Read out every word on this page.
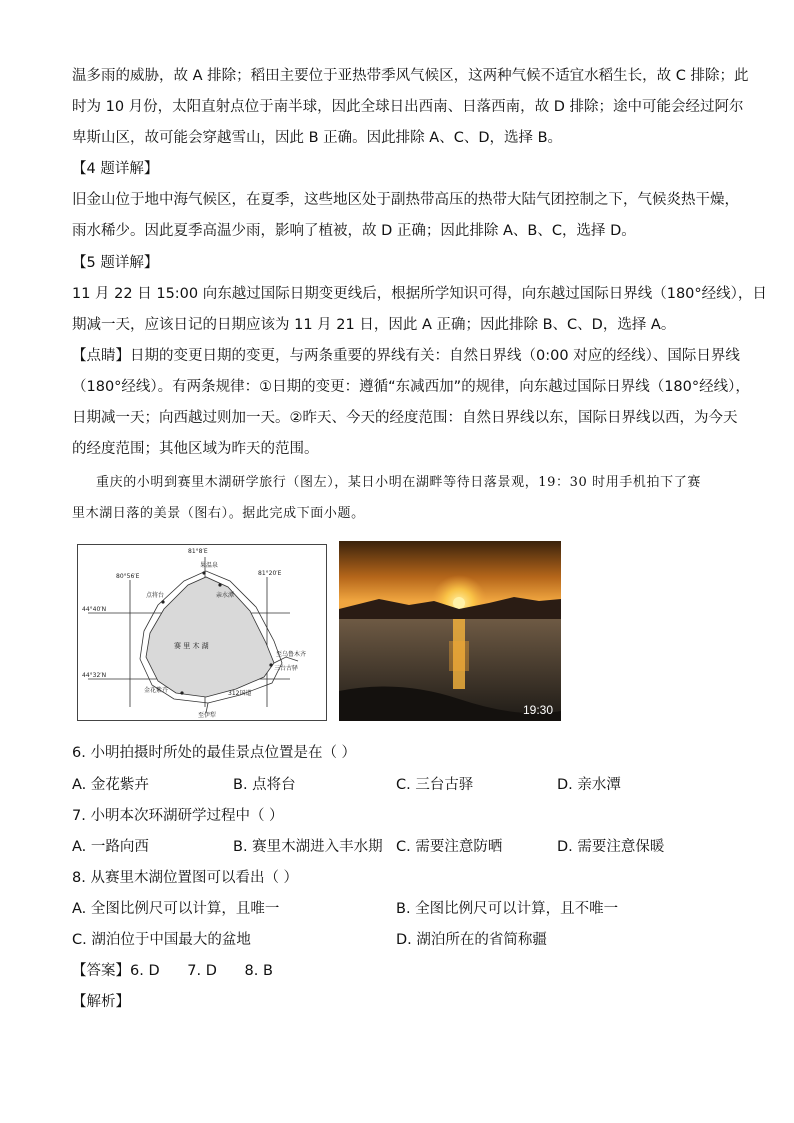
温多雨的威胁，故 A 排除；稻田主要位于亚热带季风气候区，这两种气候不适宜水稻生长，故 C 排除；此
时为 10 月份，太阳直射点位于南半球，因此全球日出西南、日落西南，故 D 排除；途中可能会经过阿尔
卑斯山区，故可能会穿越雪山，因此 B 正确。因此排除 A、C、D，选择 B。
【4 题详解】
旧金山位于地中海气候区，在夏季，这些地区处于副热带高压的热带大陆气团控制之下，气候炎热干燥，
雨水稀少。因此夏季高温少雨，影响了植被，故 D 正确；因此排除 A、B、C，选择 D。
【5 题详解】
11 月 22 日 15:00 向东越过国际日期变更线后，根据所学知识可得，向东越过国际日界线（180°经线），日
期减一天，应该日记的日期应该为 11 月 21 日，因此 A 正确；因此排除 B、C、D，选择 A。
【点睛】日期的变更日期的变更，与两条重要的界线有关：自然日界线（0:00 对应的经线）、国际日界线
（180°经线）。有两条规律：①日期的变更：遵循“东减西加”的规律，向东越过国际日界线（180°经线），
日期减一天；向西越过则加一天。②昨天、今天的经度范围：自然日界线以东，国际日界线以西，为今天
的经度范围；其他区域为昨天的范围。
重庆的小明到赛里木湖研学旅行（图左），某日小明在湖畔等待日落景观，19：30 时用手机拍下了赛
里木湖日落的美景（图右）。据此完成下面小题。
81°8′E
80°56′E	81°20′E
44°40′N
44°32′N
果温泉
点将台	亲水潭
赛 里 木 湖
至乌鲁木齐
三台古驿
金花紫卉	312国道
至伊犁	19:30
6. 小明拍摄时所处的最佳景点位置是在（ ）
A. 金花紫卉	B. 点将台	C. 三台古驿	D. 亲水潭
7. 小明本次环湖研学过程中（ ）
A. 一路向西	B. 赛里木湖进入丰水期 C. 需要注意防晒	D. 需要注意保暖
8. 从赛里木湖位置图可以看出（ ）
A. 全图比例尺可以计算，且唯一	B. 全图比例尺可以计算，且不唯一
C. 湖泊位于中国最大的盆地	D. 湖泊所在的省简称疆
【答案】6. D      7. D      8. B
【解析】
